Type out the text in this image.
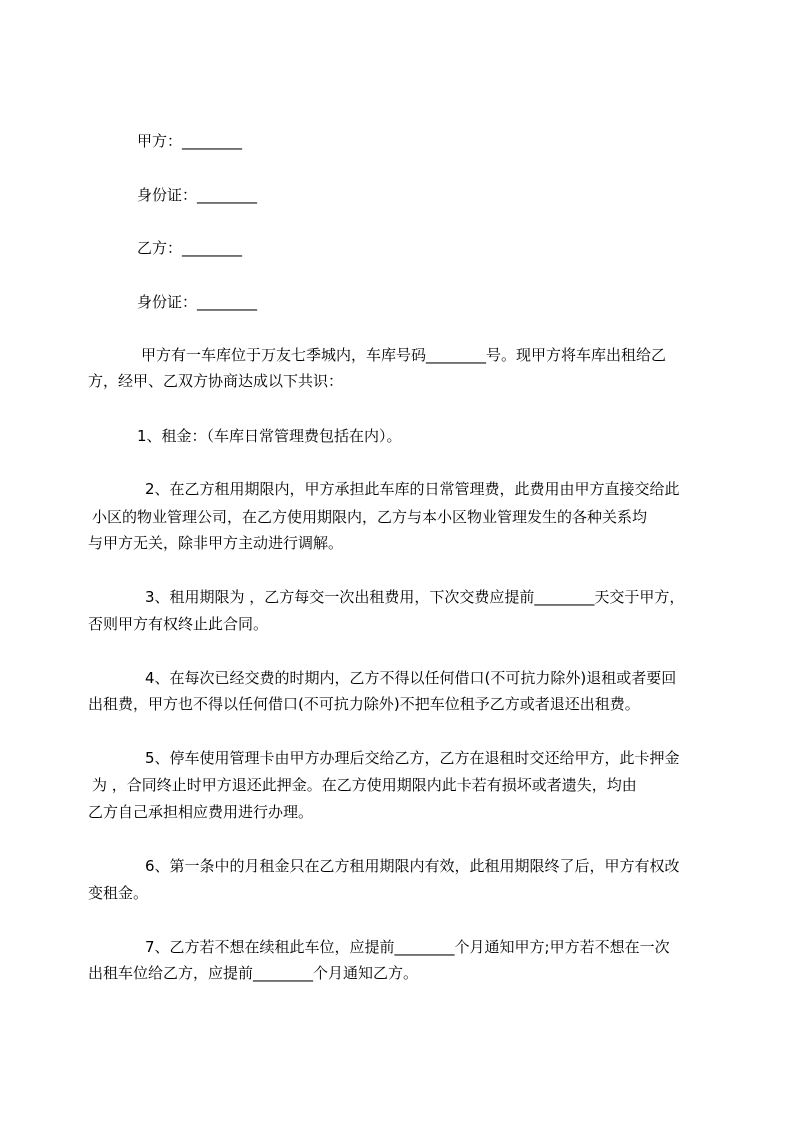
甲方：________
身份证：________
乙方：________
身份证：________
甲方有一车库位于万友七季城内，车库号码________号。现甲方将车库出租给乙
方，经甲、乙双方协商达成以下共识：
1、租金：（车库日常管理费包括在内）。
2、在乙方租用期限内，甲方承担此车库的日常管理费，此费用由甲方直接交给此
小区的物业管理公司，在乙方使用期限内，乙方与本小区物业管理发生的各种关系均
与甲方无关，除非甲方主动进行调解。
3、租用期限为 ，乙方每交一次出租费用，下次交费应提前________天交于甲方，
否则甲方有权终止此合同。
4、在每次已经交费的时期内，乙方不得以任何借口(不可抗力除外)退租或者要回
出租费，甲方也不得以任何借口(不可抗力除外)不把车位租予乙方或者退还出租费。
5、停车使用管理卡由甲方办理后交给乙方，乙方在退租时交还给甲方，此卡押金
为 ，合同终止时甲方退还此押金。在乙方使用期限内此卡若有损坏或者遗失，均由
乙方自己承担相应费用进行办理。
6、第一条中的月租金只在乙方租用期限内有效，此租用期限终了后，甲方有权改
变租金。
7、乙方若不想在续租此车位，应提前________个月通知甲方;甲方若不想在一次
出租车位给乙方，应提前________个月通知乙方。
